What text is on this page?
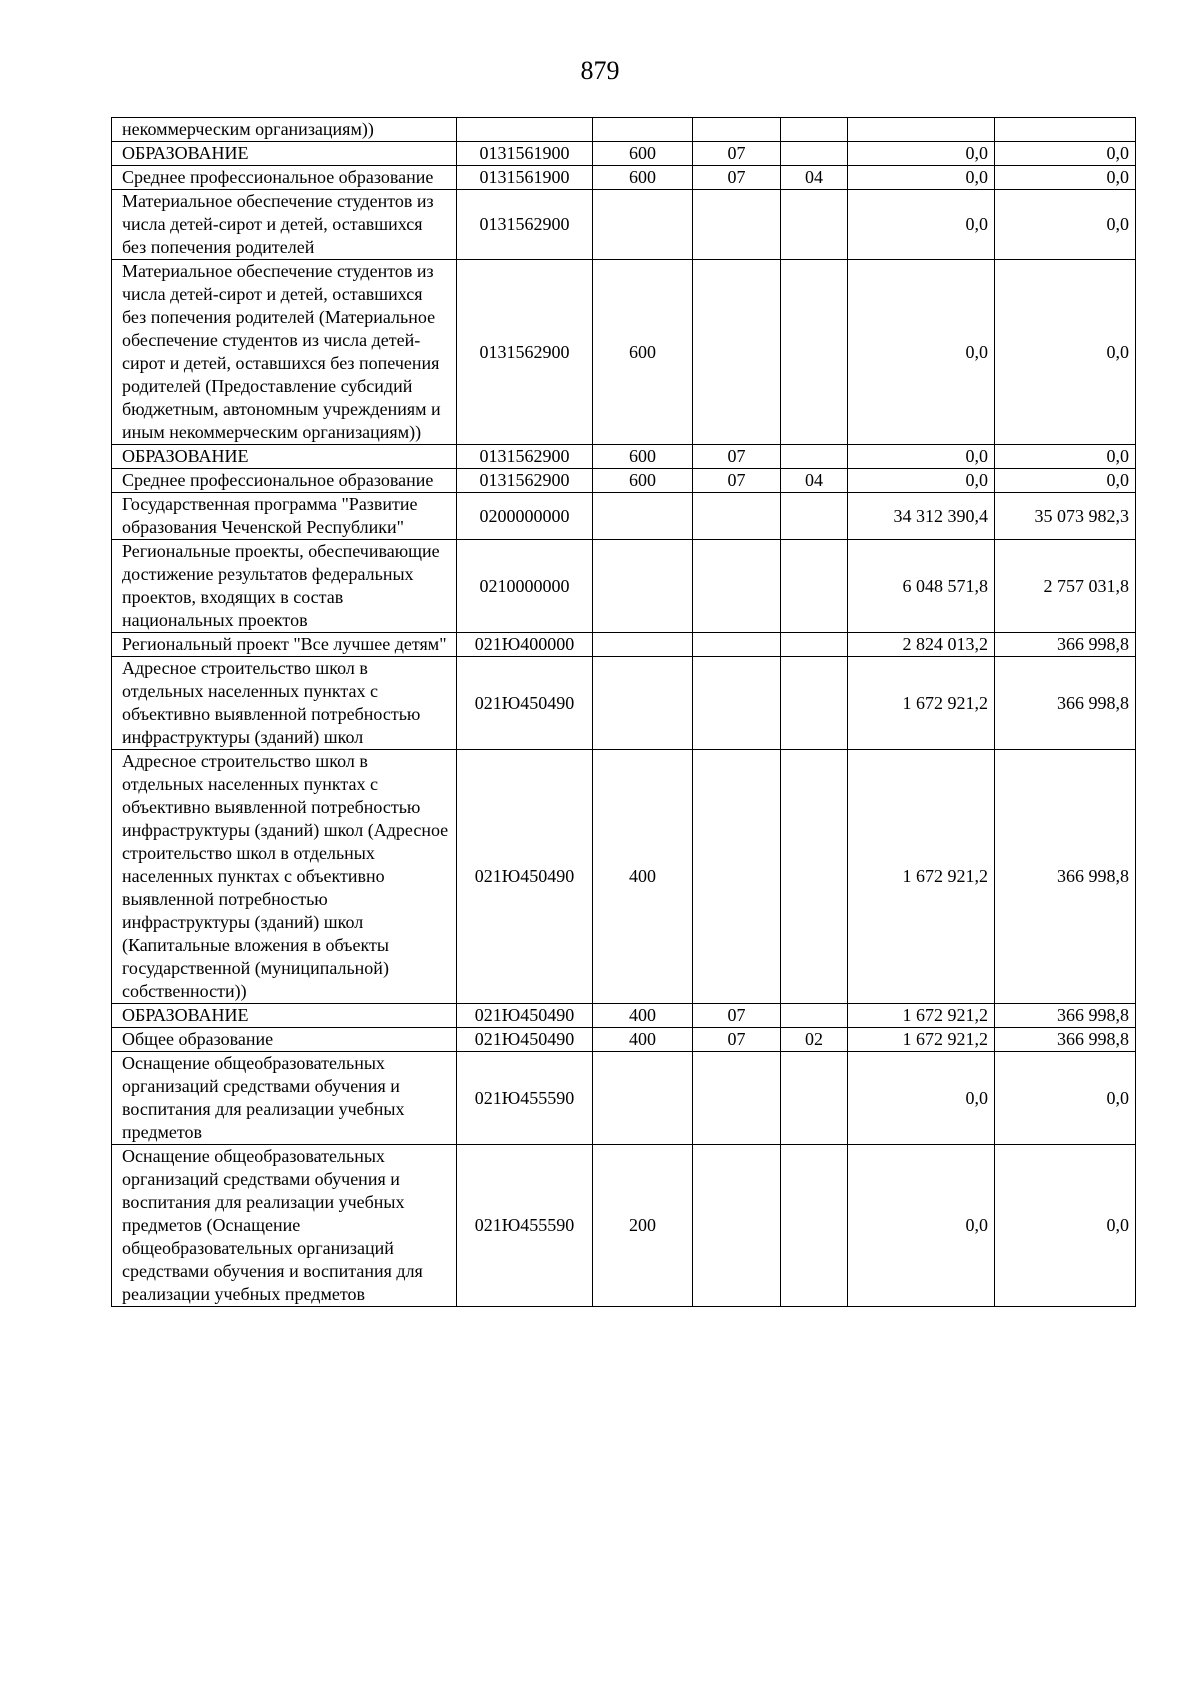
879
некоммерческим организациям))						
ОБРАЗОВАНИЕ	0131561900	600	07		0,0	0,0
Среднее профессиональное образование	0131561900	600	07	04	0,0	0,0
Материальное обеспечение студентов из числа детей-сирот и детей, оставшихся без попечения родителей	0131562900				0,0	0,0
Материальное обеспечение студентов из числа детей-сирот и детей, оставшихся без попечения родителей (Материальное обеспечение студентов из числа детей-сирот и детей, оставшихся без попечения родителей (Предоставление субсидий бюджетным, автономным учреждениям и иным некоммерческим организациям))	0131562900	600			0,0	0,0
ОБРАЗОВАНИЕ	0131562900	600	07		0,0	0,0
Среднее профессиональное образование	0131562900	600	07	04	0,0	0,0
Государственная программа "Развитие образования Чеченской Республики"	0200000000				34 312 390,4	35 073 982,3
Региональные проекты, обеспечивающие достижение результатов федеральных проектов, входящих в состав национальных проектов	0210000000				6 048 571,8	2 757 031,8
Региональный проект "Все лучшее детям"	021Ю400000				2 824 013,2	366 998,8
Адресное строительство школ в отдельных населенных пунктах с объективно выявленной потребностью инфраструктуры (зданий) школ	021Ю450490				1 672 921,2	366 998,8
Адресное строительство школ в отдельных населенных пунктах с объективно выявленной потребностью инфраструктуры (зданий) школ (Адресное строительство школ в отдельных населенных пунктах с объективно выявленной потребностью инфраструктуры (зданий) школ (Капитальные вложения в объекты государственной (муниципальной) собственности))	021Ю450490	400			1 672 921,2	366 998,8
ОБРАЗОВАНИЕ	021Ю450490	400	07		1 672 921,2	366 998,8
Общее образование	021Ю450490	400	07	02	1 672 921,2	366 998,8
Оснащение общеобразовательных организаций средствами обучения и воспитания для реализации учебных предметов	021Ю455590				0,0	0,0
Оснащение общеобразовательных организаций средствами обучения и воспитания для реализации учебных предметов (Оснащение общеобразовательных организаций средствами обучения и воспитания для реализации учебных предметов	021Ю455590	200			0,0	0,0
